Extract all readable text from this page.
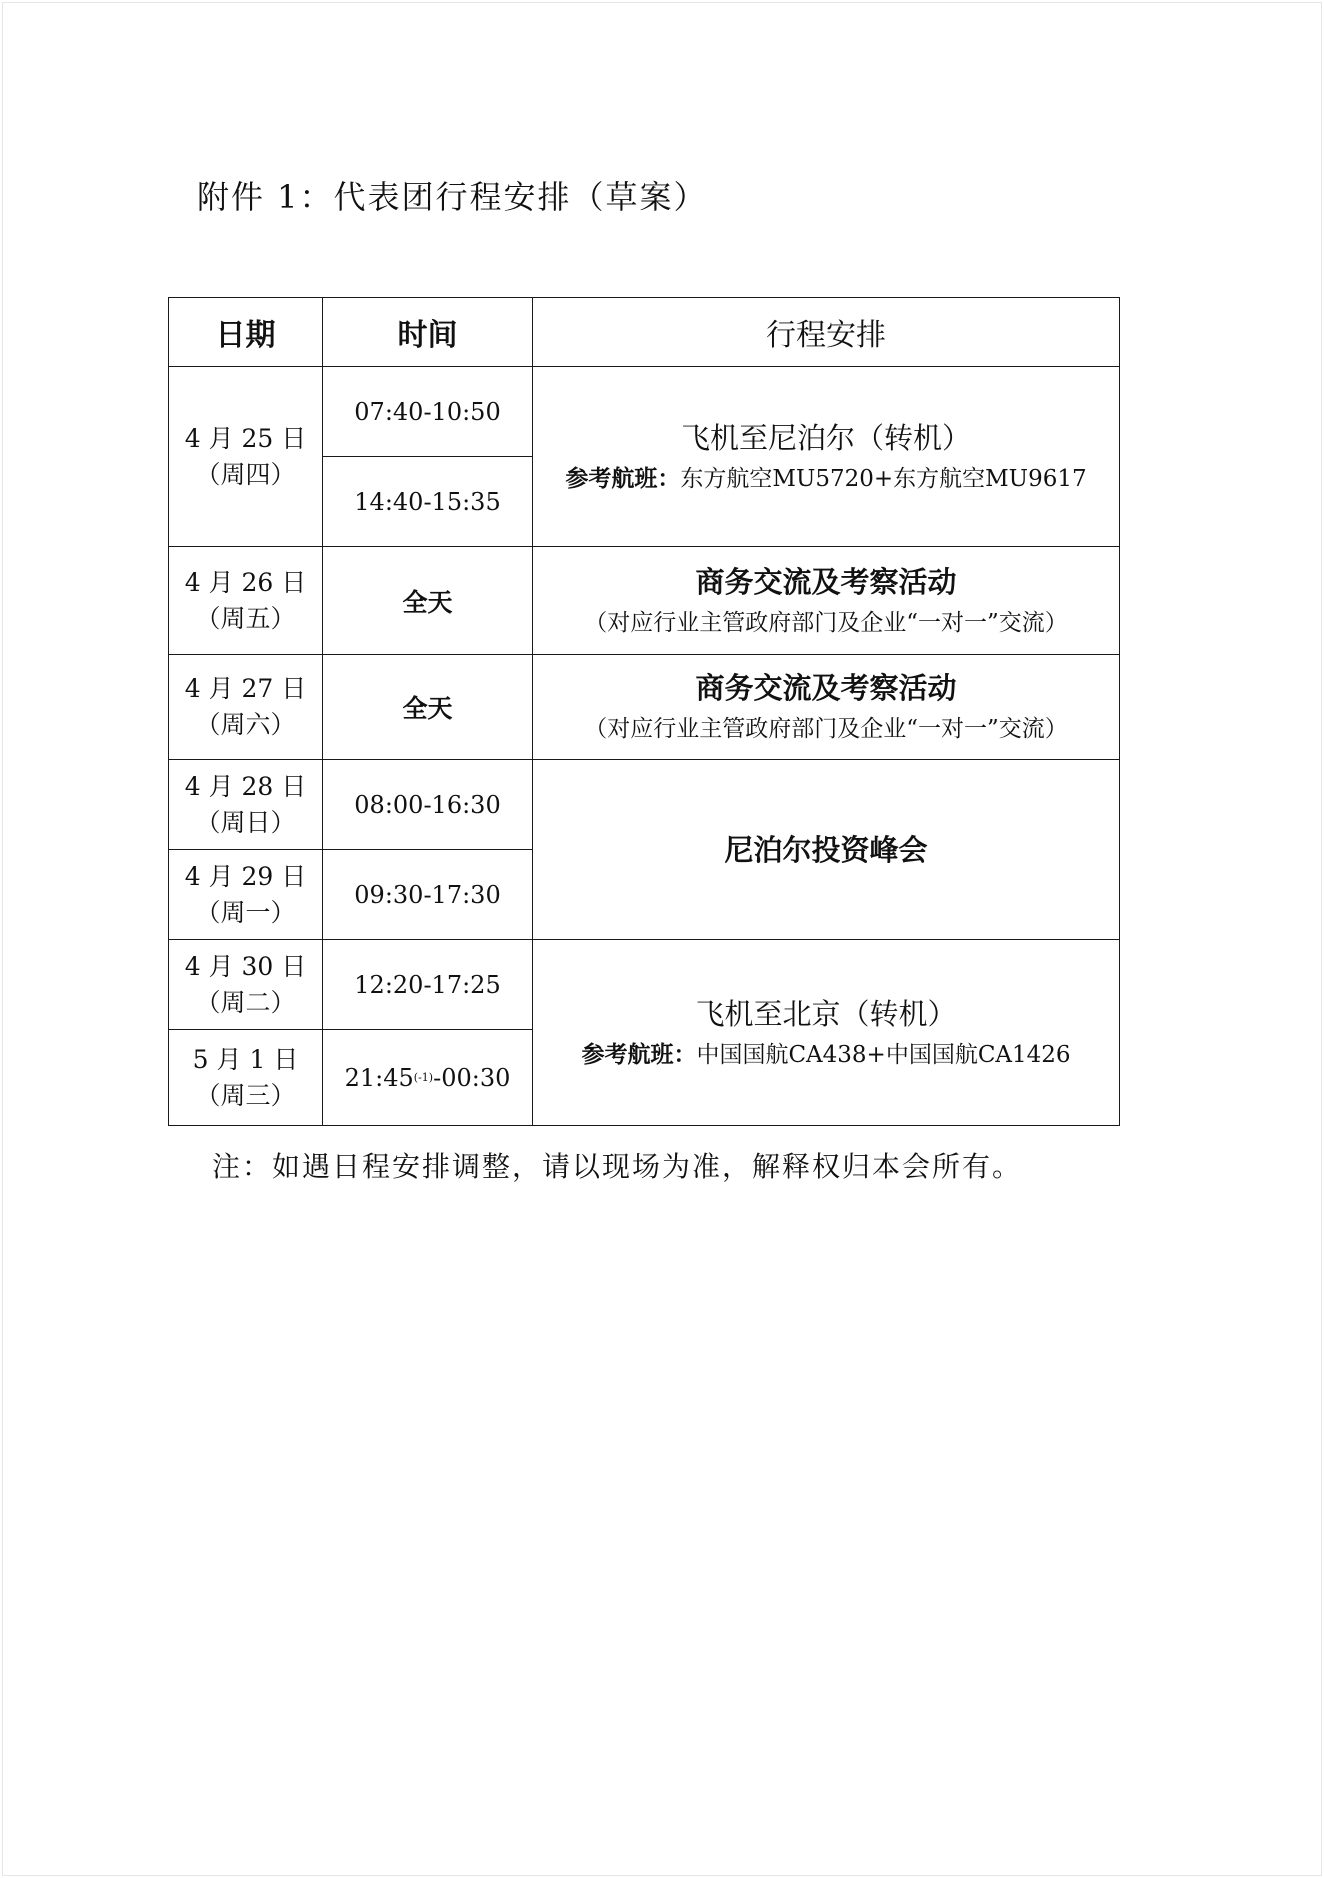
附件 1：代表团行程安排（草案）
日期	时间	行程安排
4 月 25 日
（周四）
07:40-10:50
14:40-15:35
飞机至尼泊尔（转机）
参考航班：东方航空MU5720+东方航空MU9617
4 月 26 日
（周五）
全天
商务交流及考察活动
（对应行业主管政府部门及企业“一对一”交流）
4 月 27 日
（周六）
全天
商务交流及考察活动
（对应行业主管政府部门及企业“一对一”交流）
4 月 28 日
（周日）
08:00-16:30
4 月 29 日
（周一）
09:30-17:30
尼泊尔投资峰会
4 月 30 日
（周二）
12:20-17:25
5 月 1 日
（周三）
21:45 (-1) -00:30
飞机至北京（转机）
参考航班：中国国航CA438+中国国航CA1426
注：如遇日程安排调整，请以现场为准，解释权归本会所有。
